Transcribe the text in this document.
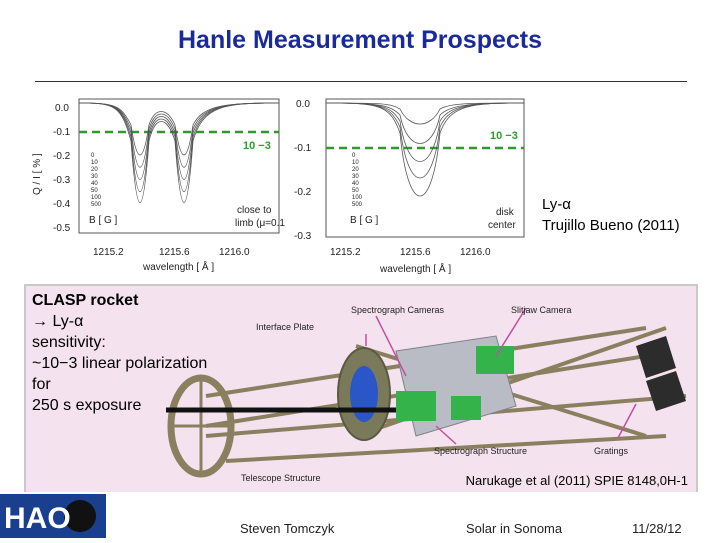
Hanle Measurement Prospects
0.0
-0.1
-0.2
-0.3
-0.4
-0.5
Q / I [ % ]
10 −3
0
10
20
30
40
50
100
500
B [ G ]
close to
limb (μ=0.1)
1215.2	1215.6	1216.0
wavelength [ Å ]
0.0
-0.1
-0.2
-0.3
10 −3
0
10
20
30
40
50
100
500
B [ G ]
disk
center
1215.2	1215.6	1216.0
wavelength [ Å ]
Ly-α
Trujillo Bueno (2011)
Interface Plate
Spectrograph Cameras	Slitjaw Camera
Spectrograph Structure	Gratings
Telescope Structure
CLASP rocket
→ Ly-α
sensitivity:
~10−3 linear polarization
for
250 s exposure
Narukage et al (2011) SPIE 8148,0H-1
HAO	Steven Tomczyk	Solar in Sonoma	11/28/12
